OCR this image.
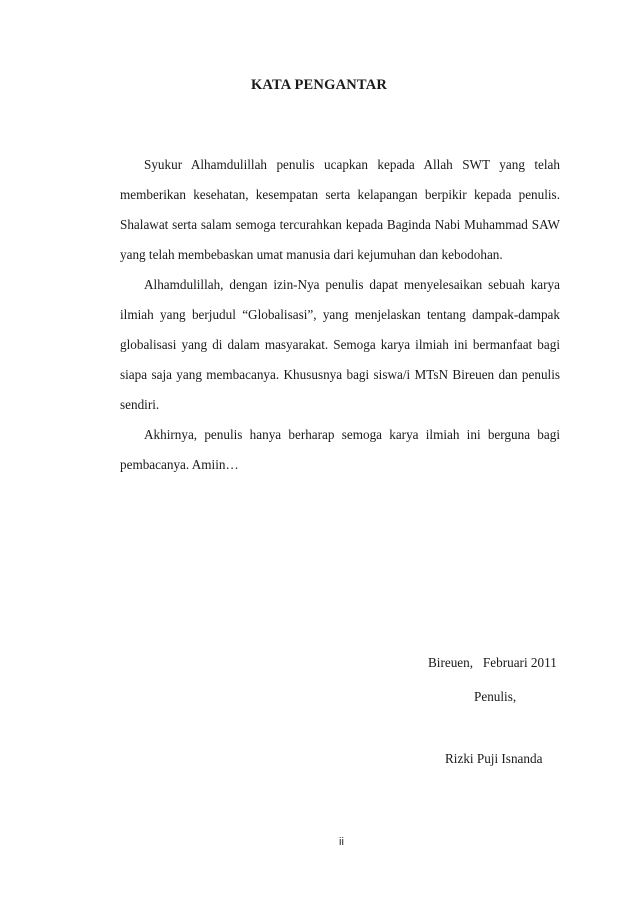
KATA PENGANTAR

Syukur Alhamdulillah penulis ucapkan kepada Allah SWT yang telah memberikan kesehatan, kesempatan serta kelapangan berpikir kepada penulis. Shalawat serta salam semoga tercurahkan kepada Baginda Nabi Muhammad SAW yang telah membebaskan umat manusia dari kejumuhan dan kebodohan.

Alhamdulillah, dengan izin-Nya penulis dapat menyelesaikan sebuah karya ilmiah yang berjudul “Globalisasi”, yang menjelaskan tentang dampak-dampak globalisasi yang di dalam masyarakat. Semoga karya ilmiah ini bermanfaat bagi siapa saja yang membacanya. Khususnya bagi siswa/i MTsN Bireuen dan penulis sendiri.

Akhirnya, penulis hanya berharap semoga karya ilmiah ini berguna bagi pembacanya. Amiin…

Bireuen,   Februari 2011
Penulis,
Rizki Puji Isnanda
ii
